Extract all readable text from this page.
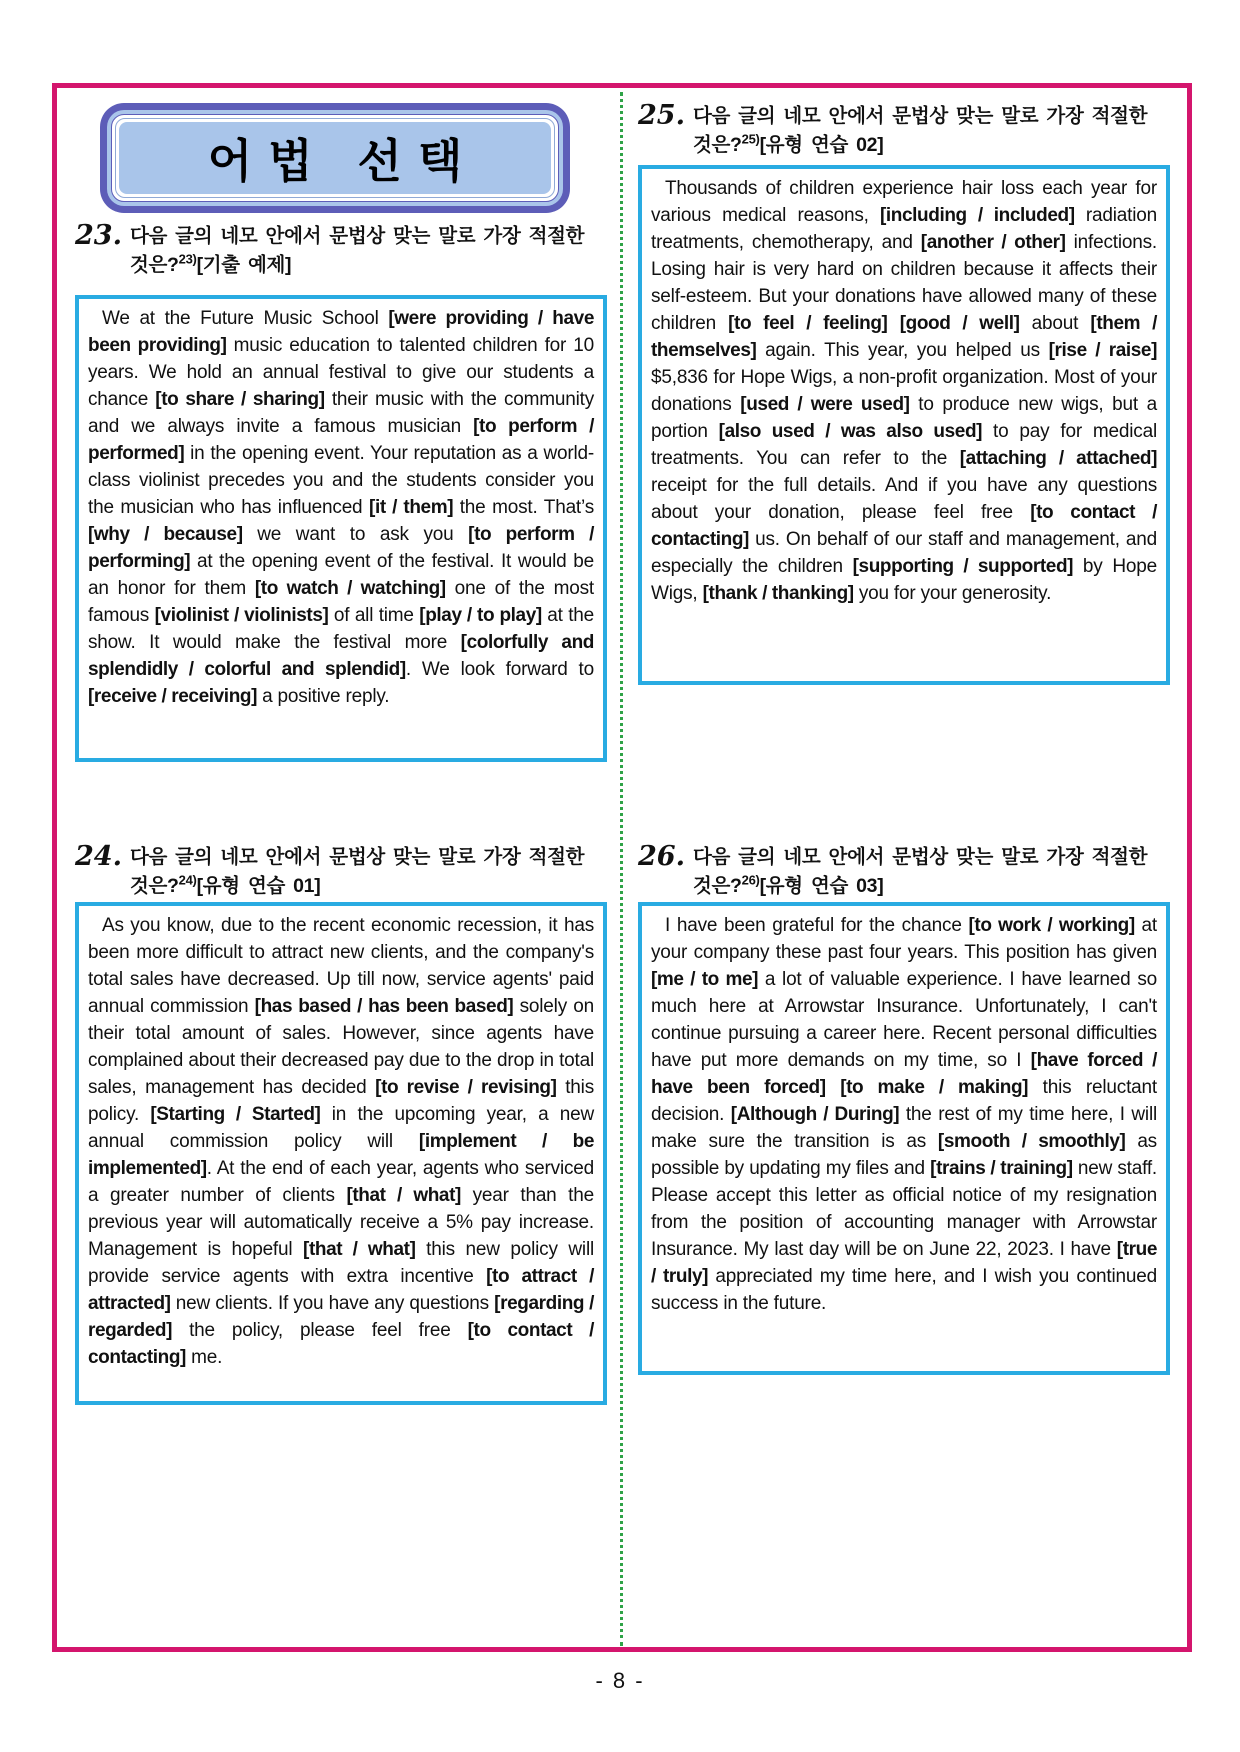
어법 선택
23. 다음 글의 네모 안에서 문법상 맞는 말로 가장 적절한 것은?$^{23)}$[기출 예제]

We at the Future Music School [were providing / have been providing] music education to talented children for 10 years. We hold an annual festival to give our students a chance [to share / sharing] their music with the community and we always invite a famous musician [to perform / performed] in the opening event. Your reputation as a world-class violinist precedes you and the students consider you the musician who has influenced [it / them] the most. That’s [why / because] we want to ask you [to perform / performing] at the opening event of the festival. It would be an honor for them [to watch / watching] one of the most famous [violinist / violinists] of all time [play / to play] at the show. It would make the festival more [colorfully and splendidly / colorful and splendid]. We look forward to [receive / receiving] a positive reply.

24. 다음 글의 네모 안에서 문법상 맞는 말로 가장 적절한 것은?$^{24)}$[유형 연습 01]

As you know, due to the recent economic recession, it has been more difficult to attract new clients, and the company's total sales have decreased. Up till now, service agents' paid annual commission [has based / has been based] solely on their total amount of sales. However, since agents have complained about their decreased pay due to the drop in total sales, management has decided [to revise / revising] this policy. [Starting / Started] in the upcoming year, a new annual commission policy will [implement / be implemented]. At the end of each year, agents who serviced a greater number of clients [that / what] year than the previous year will automatically receive a 5% pay increase. Management is hopeful [that / what] this new policy will provide service agents with extra incentive [to attract / attracted] new clients. If you have any questions [regarding / regarded] the policy, please feel free [to contact / contacting] me.

25. 다음 글의 네모 안에서 문법상 맞는 말로 가장 적절한 것은?$^{25)}$[유형 연습 02]

Thousands of children experience hair loss each year for various medical reasons, [including / included] radiation treatments, chemotherapy, and [another / other] infections. Losing hair is very hard on children because it affects their self-esteem. But your donations have allowed many of these children [to feel / feeling] [good / well] about [them / themselves] again. This year, you helped us [rise / raise] $5,836 for Hope Wigs, a non-profit organization. Most of your donations [used / were used] to produce new wigs, but a portion [also used / was also used] to pay for medical treatments. You can refer to the [attaching / attached] receipt for the full details. And if you have any questions about your donation, please feel free [to contact / contacting] us. On behalf of our staff and management, and especially the children [supporting / supported] by Hope Wigs, [thank / thanking] you for your generosity.

26. 다음 글의 네모 안에서 문법상 맞는 말로 가장 적절한 것은?$^{26)}$[유형 연습 03]

I have been grateful for the chance [to work / working] at your company these past four years. This position has given [me / to me] a lot of valuable experience. I have learned so much here at Arrowstar Insurance. Unfortunately, I can't continue pursuing a career here. Recent personal difficulties have put more demands on my time, so I [have forced / have been forced] [to make / making] this reluctant decision. [Although / During] the rest of my time here, I will make sure the transition is as [smooth / smoothly] as possible by updating my files and [trains / training] new staff. Please accept this letter as official notice of my resignation from the position of accounting manager with Arrowstar Insurance. My last day will be on June 22, 2023. I have [true / truly] appreciated my time here, and I wish you continued success in the future.

- 8 -
